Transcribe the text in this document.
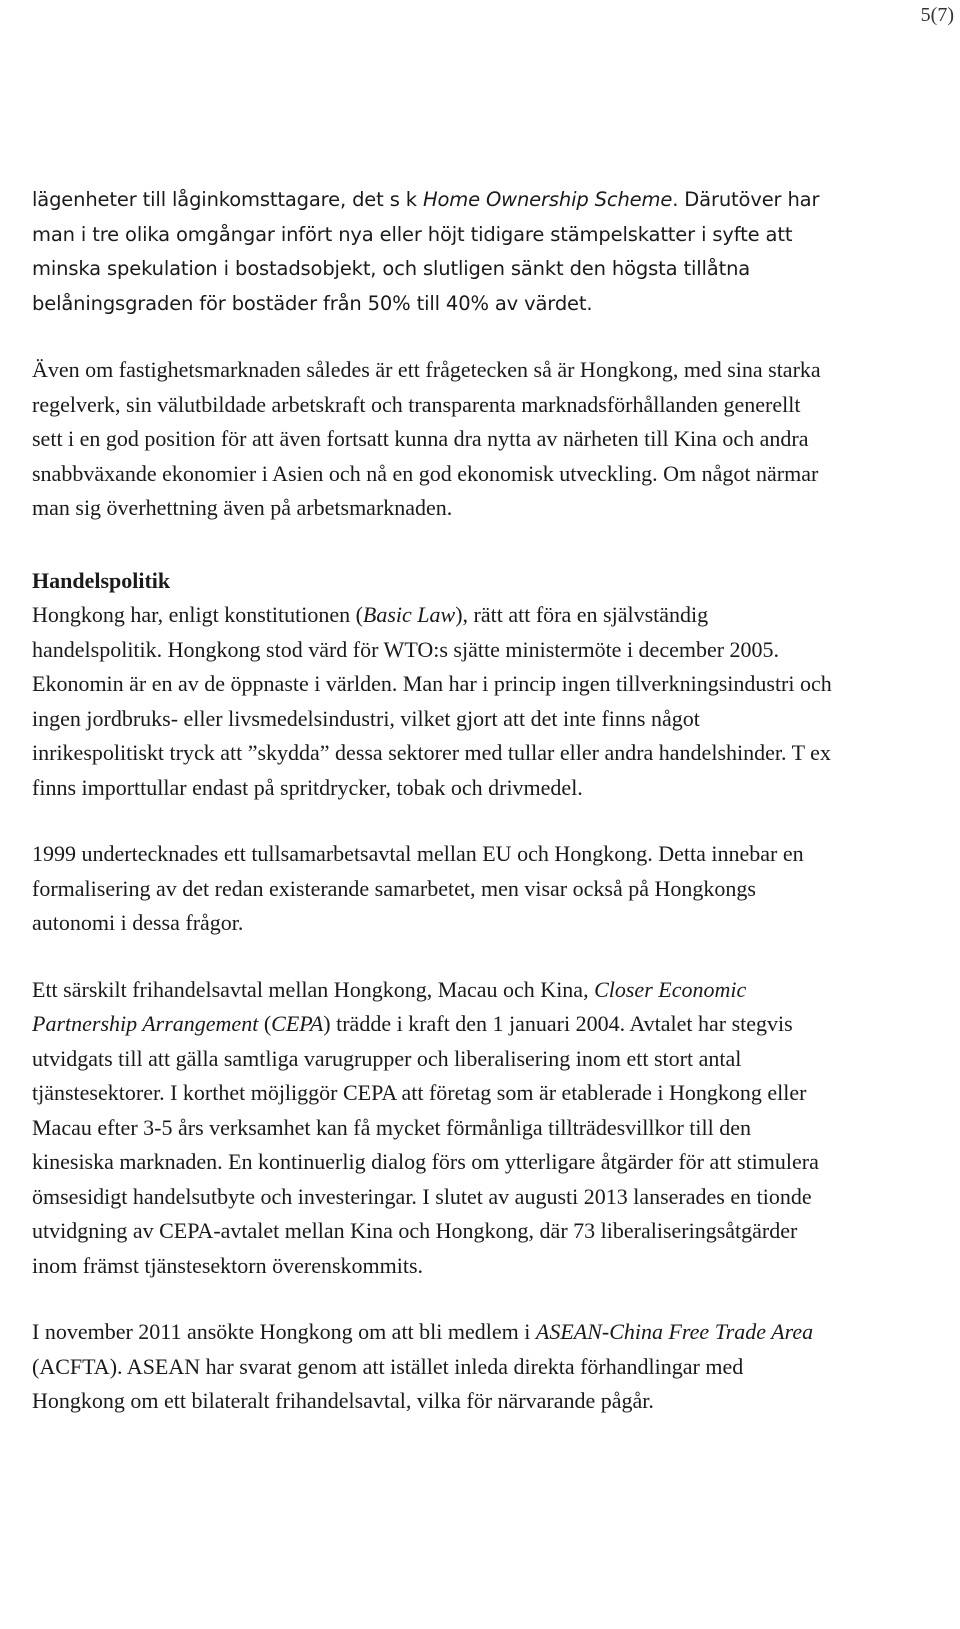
5(7)

lägenheter till låginkomsttagare, det s k Home Ownership Scheme. Därutöver har man i tre olika omgångar infört nya eller höjt tidigare stämpelskatter i syfte att minska spekulation i bostadsobjekt, och slutligen sänkt den högsta tillåtna belåningsgraden för bostäder från 50% till 40% av värdet.

Även om fastighetsmarknaden således är ett frågetecken så är Hongkong, med sina starka regelverk, sin välutbildade arbetskraft och transparenta marknadsförhållanden generellt sett i en god position för att även fortsatt kunna dra nytta av närheten till Kina och andra snabbväxande ekonomier i Asien och nå en god ekonomisk utveckling. Om något närmar man sig överhettning även på arbetsmarknaden.

Handelspolitik

Hongkong har, enligt konstitutionen (Basic Law), rätt att föra en självständig handelspolitik. Hongkong stod värd för WTO:s sjätte ministermöte i december 2005. Ekonomin är en av de öppnaste i världen. Man har i princip ingen tillverkningsindustri och ingen jordbruks- eller livsmedelsindustri, vilket gjort att det inte finns något inrikespolitiskt tryck att ”skydda” dessa sektorer med tullar eller andra handelshinder. T ex finns importtullar endast på spritdrycker, tobak och drivmedel.

1999 undertecknades ett tullsamarbetsavtal mellan EU och Hongkong. Detta innebar en formalisering av det redan existerande samarbetet, men visar också på Hongkongs autonomi i dessa frågor.

Ett särskilt frihandelsavtal mellan Hongkong, Macau och Kina, Closer Economic Partnership Arrangement (CEPA) trädde i kraft den 1 januari 2004. Avtalet har stegvis utvidgats till att gälla samtliga varugrupper och liberalisering inom ett stort antal tjänstesektorer. I korthet möjliggör CEPA att företag som är etablerade i Hongkong eller Macau efter 3-5 års verksamhet kan få mycket förmånliga tillträdesvillkor till den kinesiska marknaden. En kontinuerlig dialog förs om ytterligare åtgärder för att stimulera ömsesidigt handelsutbyte och investeringar. I slutet av augusti 2013 lanserades en tionde utvidgning av CEPA-avtalet mellan Kina och Hongkong, där 73 liberaliseringsåtgärder inom främst tjänstesektorn överenskommits.

I november 2011 ansökte Hongkong om att bli medlem i ASEAN-China Free Trade Area (ACFTA). ASEAN har svarat genom att istället inleda direkta förhandlingar med Hongkong om ett bilateralt frihandelsavtal, vilka för närvarande pågår.
